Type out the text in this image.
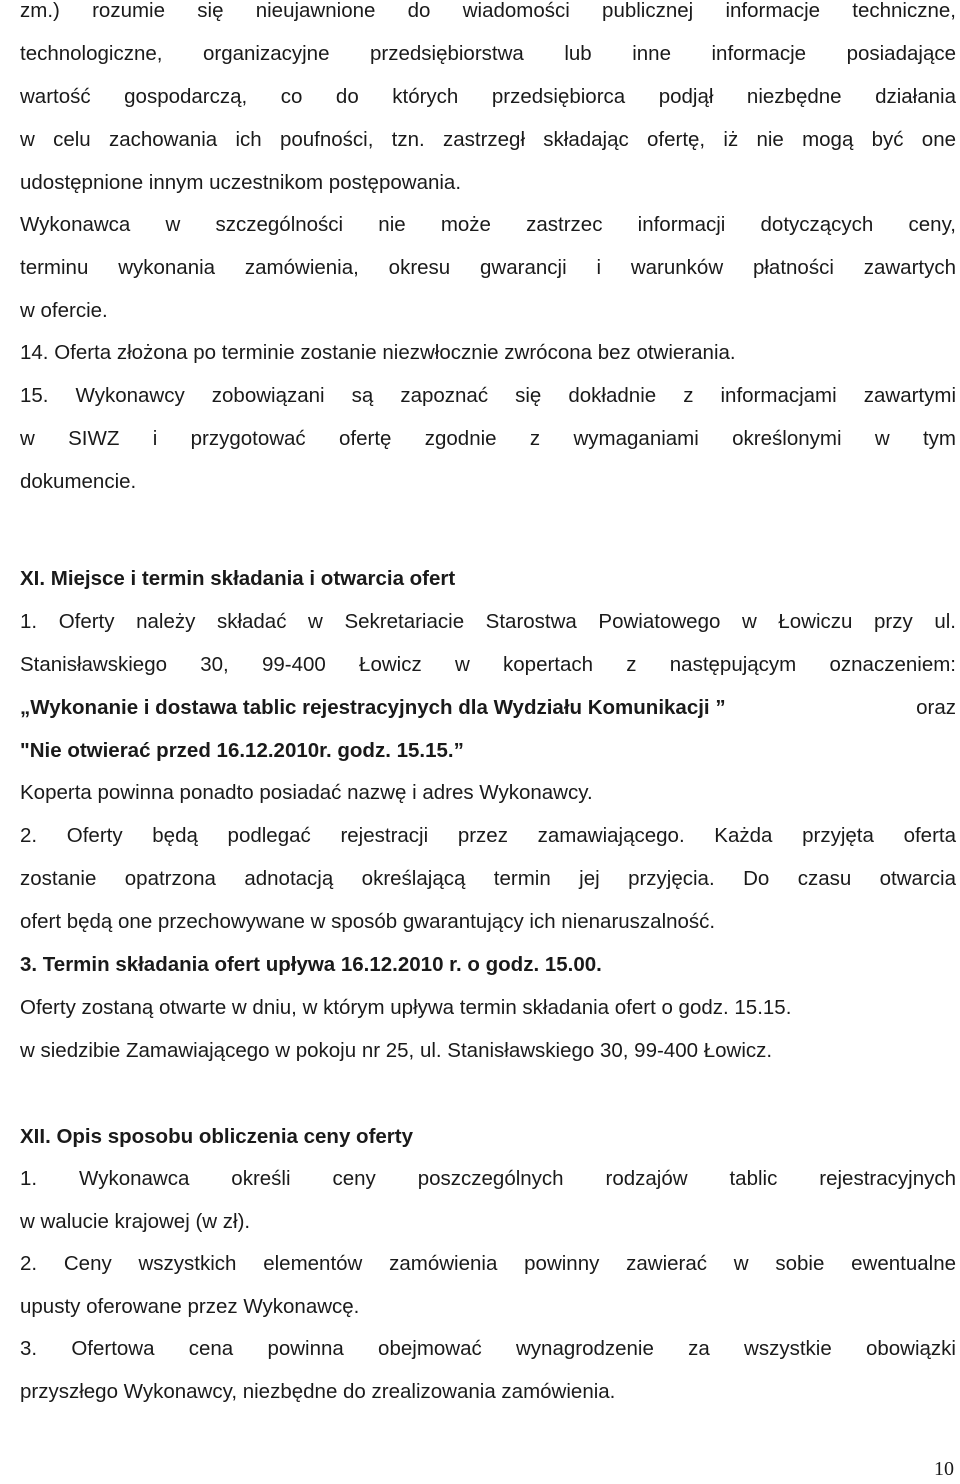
zm.) rozumie się nieujawnione do wiadomości publicznej informacje techniczne,
technologiczne, organizacyjne przedsiębiorstwa lub inne informacje posiadające
wartość gospodarczą, co do których przedsiębiorca podjął niezbędne działania
w celu zachowania ich poufności, tzn. zastrzegł składając ofertę, iż nie mogą być one
udostępnione innym uczestnikom postępowania.
Wykonawca w szczególności nie może zastrzec informacji dotyczących ceny,
terminu wykonania zamówienia, okresu gwarancji i warunków płatności zawartych
w ofercie.
14. Oferta złożona po terminie zostanie niezwłocznie zwrócona bez otwierania.
15. Wykonawcy zobowiązani są zapoznać się dokładnie z informacjami zawartymi
w SIWZ i przygotować ofertę zgodnie z wymaganiami określonymi w tym
dokumencie.
XI. Miejsce i termin składania i otwarcia ofert
1. Oferty należy składać w Sekretariacie Starostwa Powiatowego w Łowiczu przy ul.
Stanisławskiego 30, 99-400 Łowicz w kopertach z następującym oznaczeniem:
„Wykonanie i dostawa tablic rejestracyjnych dla Wydziału Komunikacji ”	oraz
"Nie otwierać przed 16.12.2010r. godz. 15.15.”
Koperta powinna ponadto posiadać nazwę i adres Wykonawcy.
2. Oferty będą podlegać rejestracji przez zamawiającego. Każda przyjęta oferta
zostanie opatrzona adnotacją określającą termin jej przyjęcia. Do czasu otwarcia
ofert będą one przechowywane w sposób gwarantujący ich nienaruszalność.
3. Termin składania ofert upływa 16.12.2010 r. o godz. 15.00.
Oferty zostaną otwarte w dniu, w którym upływa termin składania ofert o godz. 15.15.
w siedzibie Zamawiającego w pokoju nr 25, ul. Stanisławskiego 30, 99-400 Łowicz.
XII. Opis sposobu obliczenia ceny oferty
1. Wykonawca określi ceny poszczególnych rodzajów tablic rejestracyjnych
w walucie krajowej (w zł).
2. Ceny wszystkich elementów zamówienia powinny zawierać w sobie ewentualne
upusty oferowane przez Wykonawcę.
3. Ofertowa cena powinna obejmować wynagrodzenie za wszystkie obowiązki
przyszłego Wykonawcy, niezbędne do zrealizowania zamówienia.
10
